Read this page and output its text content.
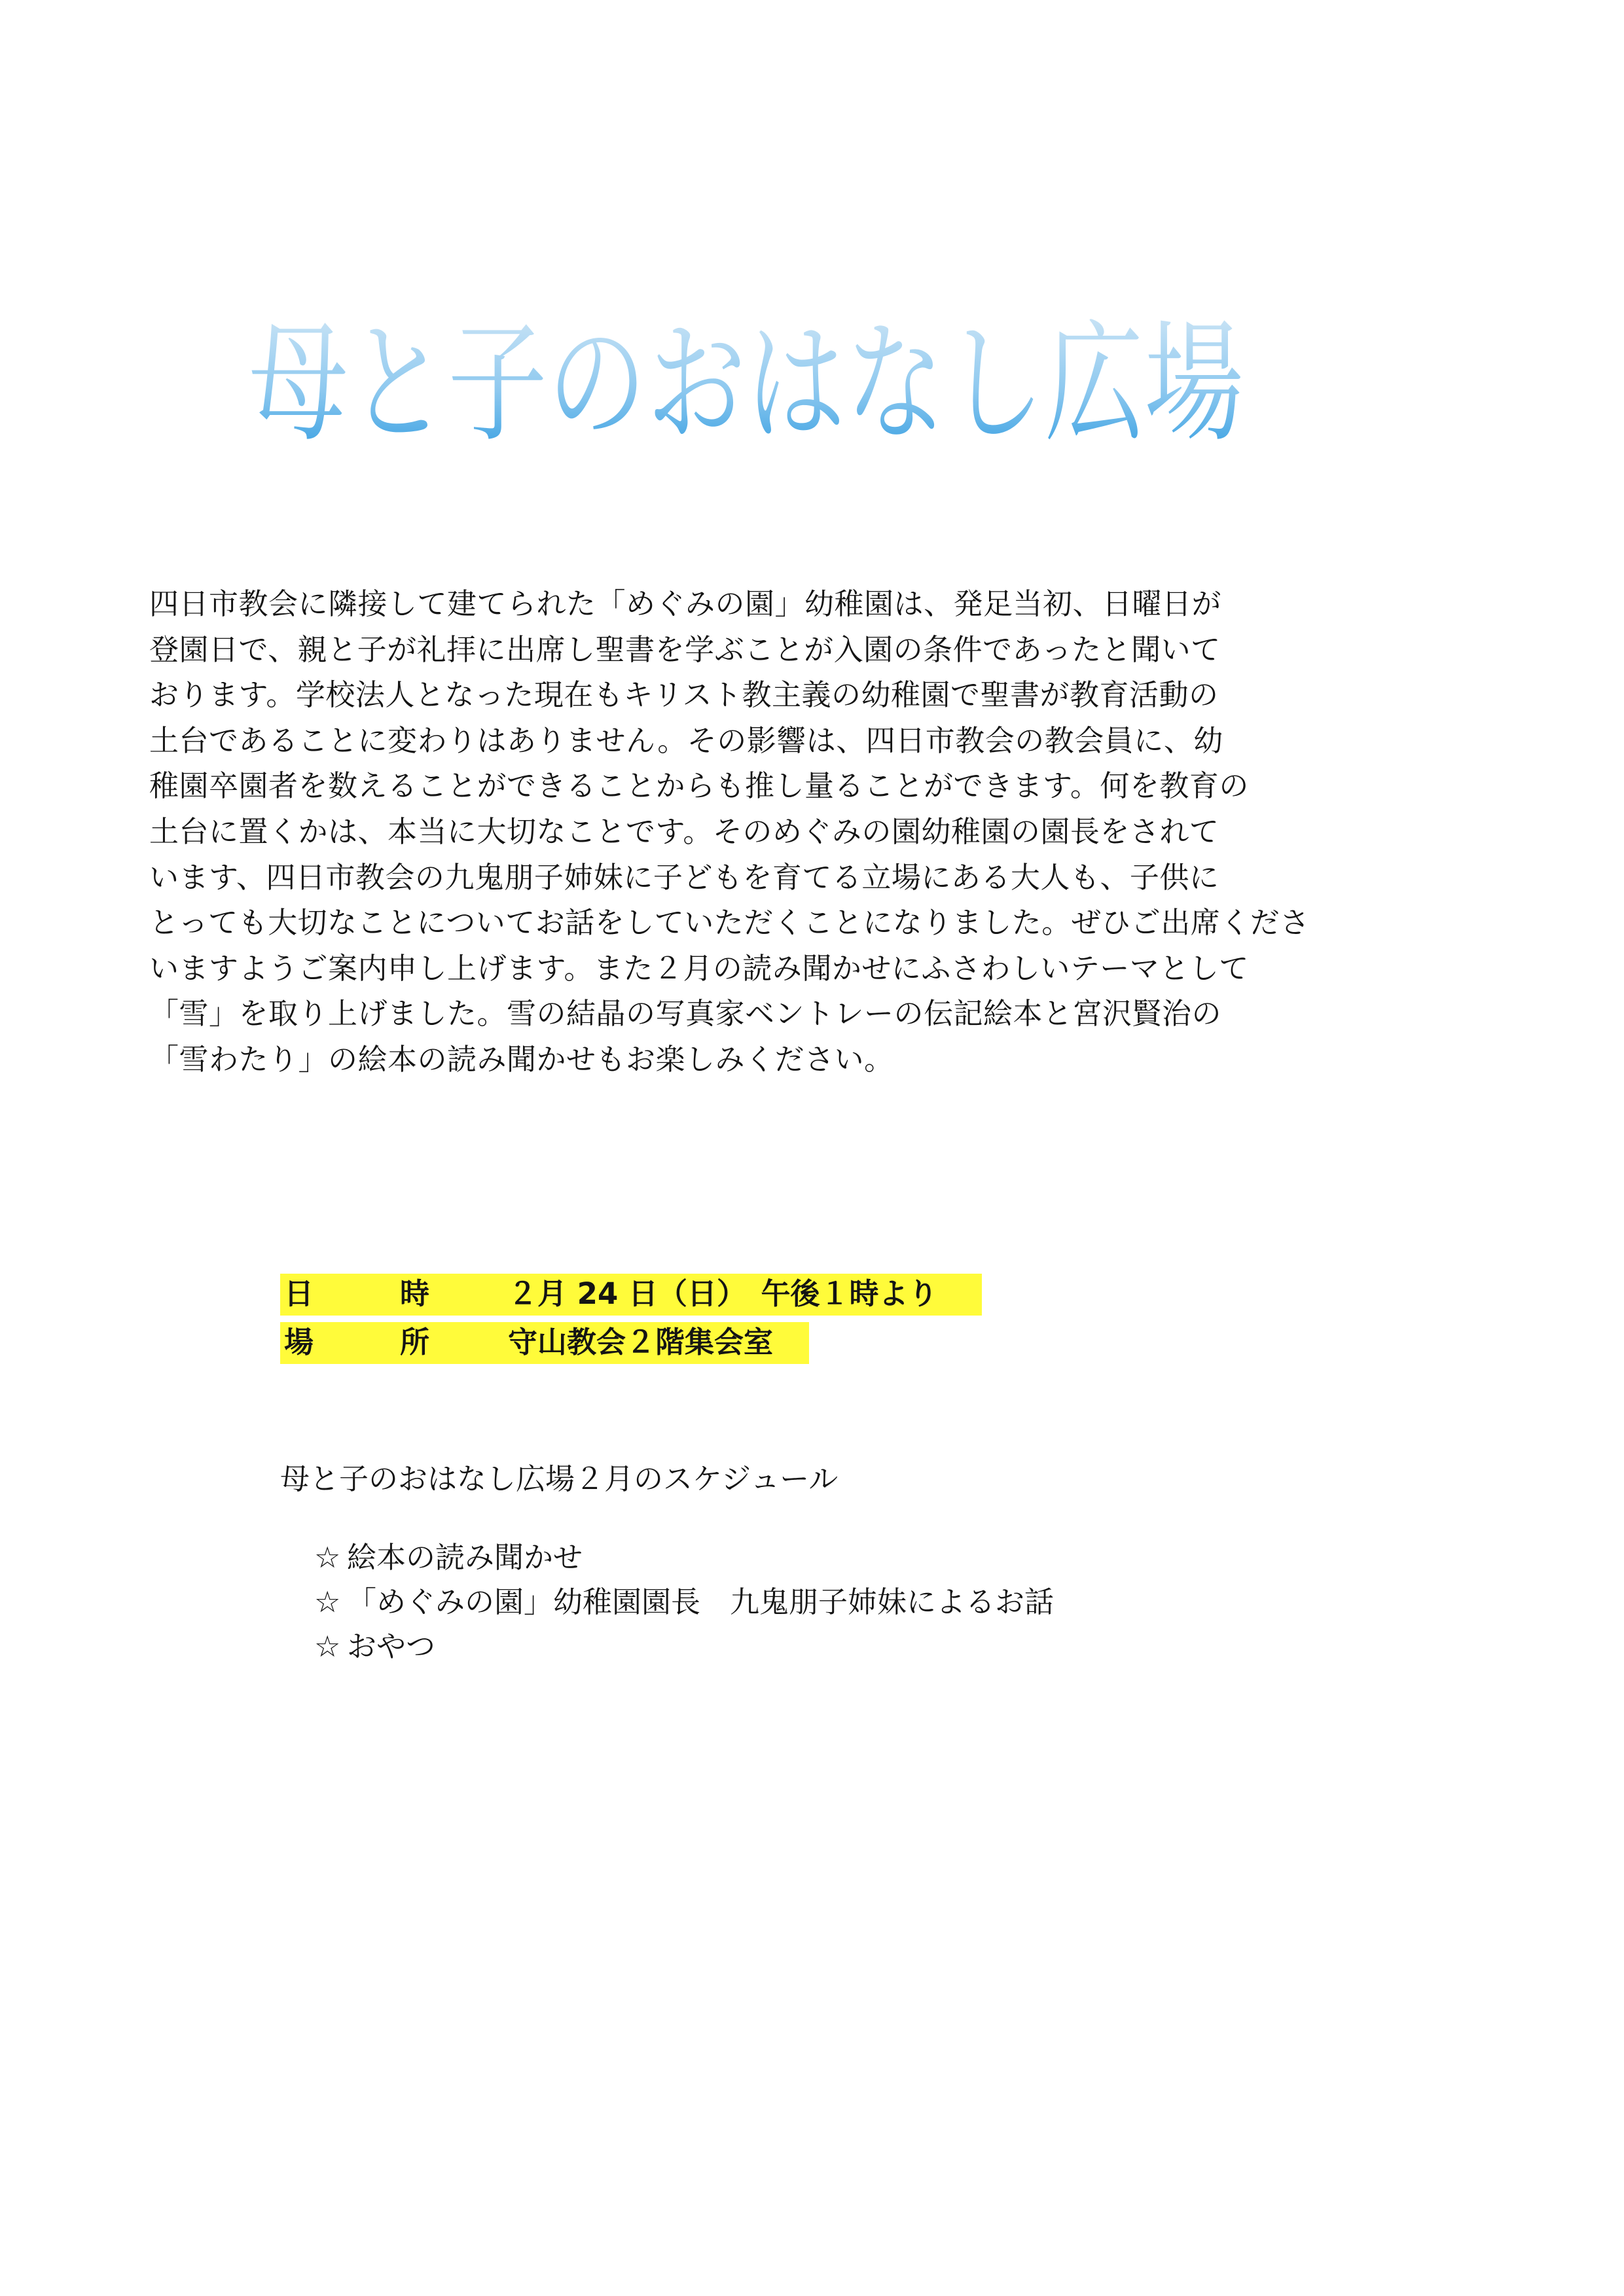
母と子のおはなし広場
四日市教会に隣接して建てられた「めぐみの園」幼稚園は、発足当初、日曜日が
登園日で、親と子が礼拝に出席し聖書を学ぶことが入園の条件であったと聞いて
おります。学校法人となった現在もキリスト教主義の幼稚園で聖書が教育活動の
土台であることに変わりはありません。その影響は、四日市教会の教会員に、幼
稚園卒園者を数えることができることからも推し量ることができます。何を教育の
土台に置くかは、本当に大切なことです。そのめぐみの園幼稚園の園長をされて
います、四日市教会の九鬼朋子姉妹に子どもを育てる立場にある大人も、子供に
とっても大切なことについてお話をしていただくことになりました。ぜひご出席くださ
いますようご案内申し上げます。また２月の読み聞かせにふさわしいテーマとして
「雪」を取り上げました。雪の結晶の写真家ベントレーの伝記絵本と宮沢賢治の
「雪わたり」の絵本の読み聞かせもお楽しみください。
日	時	２月 24 日（日）　午後１時より
場	所	守山教会２階集会室
母と子のおはなし広場２月のスケジュール
☆ 絵本の読み聞かせ
☆ 「めぐみの園」幼稚園園長　九鬼朋子姉妹によるお話
☆ おやつ
